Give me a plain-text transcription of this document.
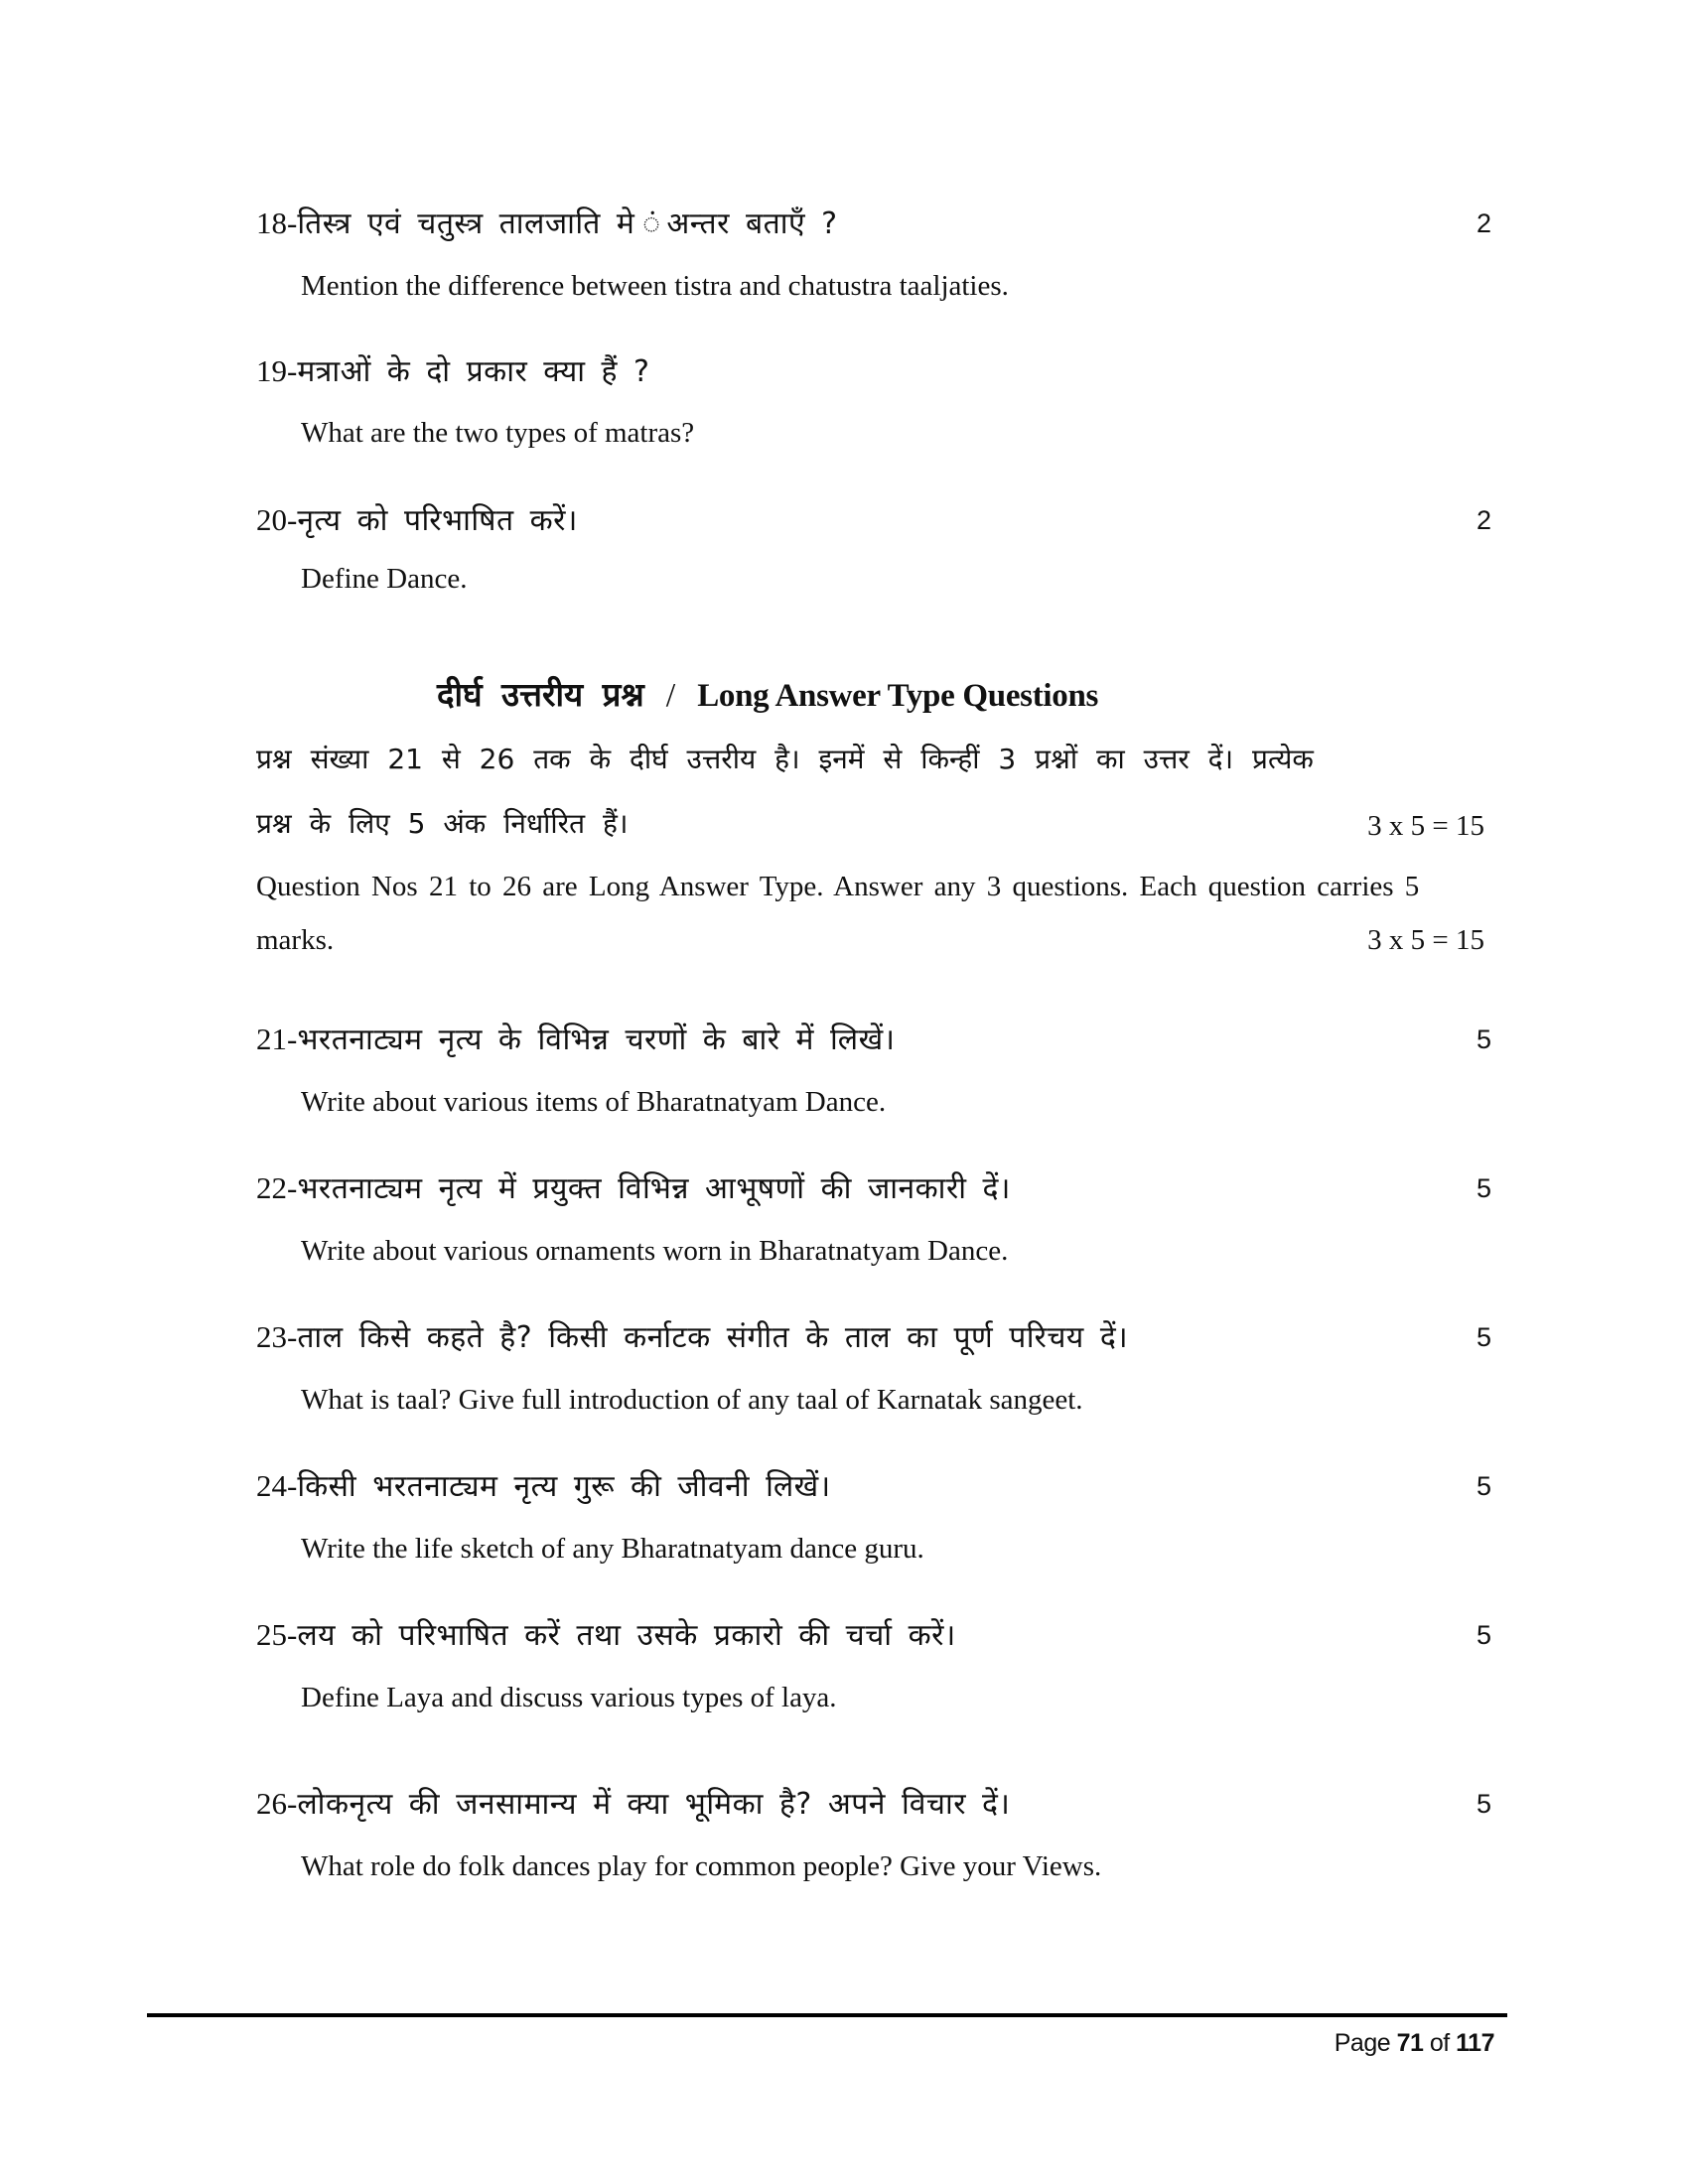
18-तिस्त्र एवं चतुस्त्र तालजाति मे ंअन्तर बताएँ ?	2
Mention the difference between tistra and chatustra taaljaties.
19-मत्राओं के दो प्रकार क्या हैं ?
What are the two types of matras?
20-नृत्य को परिभाषित करें।	2
Define Dance.
दीर्घ उत्तरीय प्रश्न / Long Answer Type Questions
प्रश्न संख्या 21 से 26 तक के दीर्घ उत्तरीय है। इनमें से किन्हीं 3 प्रश्नों का उत्तर दें। प्रत्येक
प्रश्न के लिए 5 अंक निर्धारित हैं।	3 x 5 = 15
Question Nos 21 to 26 are Long Answer Type. Answer any 3 questions. Each question carries 5
marks.	3 x 5 = 15
21-भरतनाट्यम नृत्य के विभिन्न चरणों के बारे में लिखें।	5
Write about various items of Bharatnatyam Dance.
22-भरतनाट्यम नृत्य में प्रयुक्त विभिन्न आभूषणों की जानकारी दें।	5
Write about various ornaments worn in Bharatnatyam Dance.
23-ताल किसे कहते है? किसी कर्नाटक संगीत के ताल का पूर्ण परिचय दें।	5
What is taal? Give full introduction of any taal of Karnatak sangeet.
24-किसी भरतनाट्यम नृत्य गुरू की जीवनी लिखें।	5
Write the life sketch of any Bharatnatyam dance guru.
25-लय को परिभाषित करें तथा उसके प्रकारो की चर्चा करें।	5
Define Laya and discuss various types of laya.
26-लोकनृत्य की जनसामान्य में क्या भूमिका है? अपने विचार दें।	5
What role do folk dances play for common people? Give your Views.
Page 71 of 117
